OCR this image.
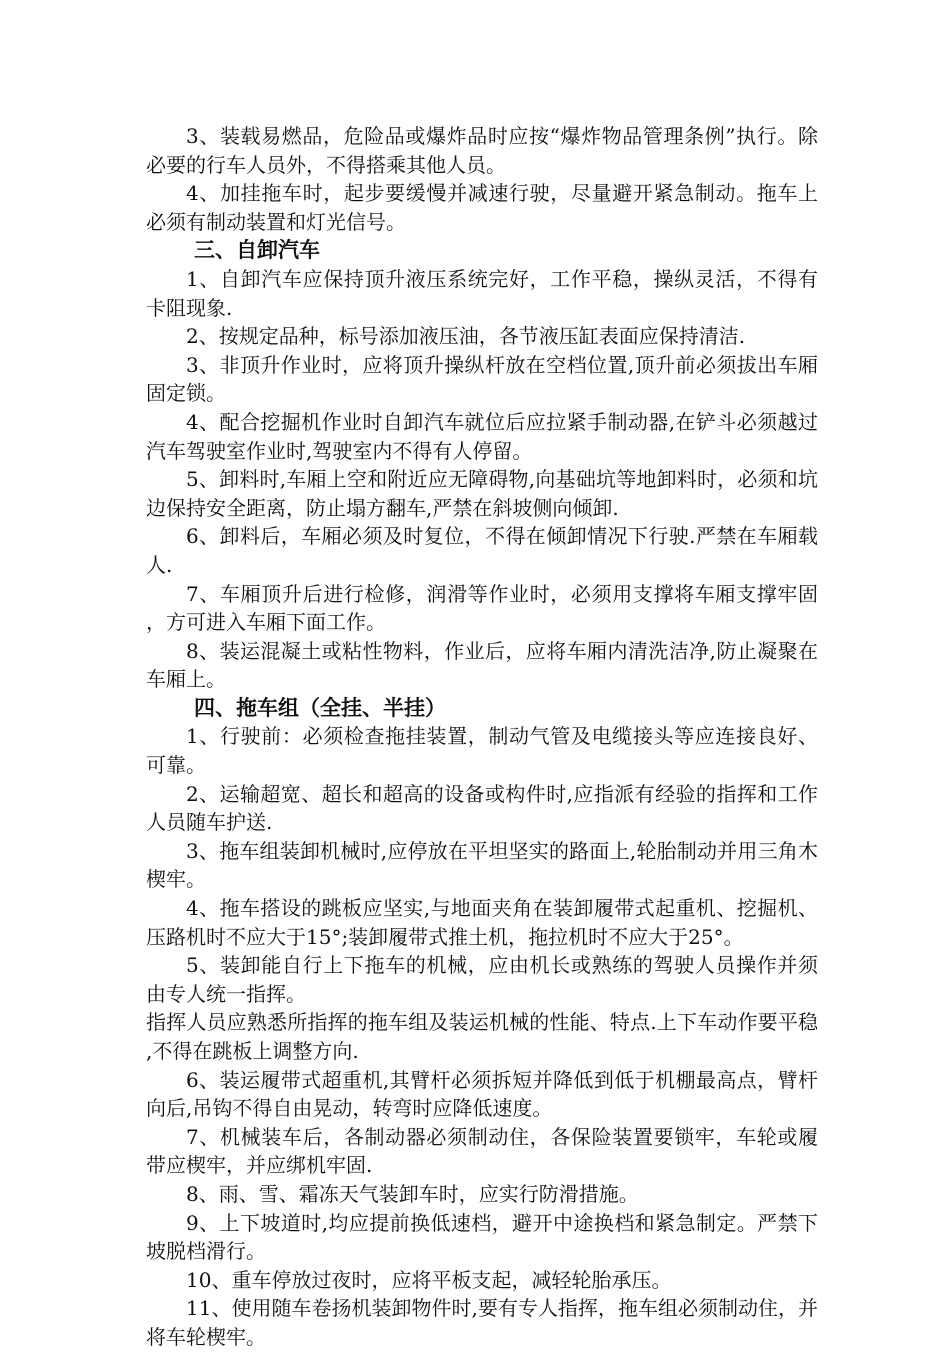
3、装载易燃品，危险品或爆炸品时应按“爆炸物品管理条例”执行。除必要的行车人员外，不得搭乘其他人员。

4、加挂拖车时，起步要缓慢并减速行驶，尽量避开紧急制动。拖车上必须有制动装置和灯光信号。

三、自卸汽车

1、自卸汽车应保持顶升液压系统完好，工作平稳，操纵灵活，不得有卡阻现象.

2、按规定品种，标号添加液压油，各节液压缸表面应保持清洁.

3、非顶升作业时，应将顶升操纵杆放在空档位置,顶升前必须拔出车厢固定锁。

4、配合挖掘机作业时自卸汽车就位后应拉紧手制动器,在铲斗必须越过汽车驾驶室作业时,驾驶室内不得有人停留。

5、卸料时,车厢上空和附近应无障碍物,向基础坑等地卸料时，必须和坑边保持安全距离，防止塌方翻车,严禁在斜坡侧向倾卸.

6、卸料后，车厢必须及时复位，不得在倾卸情况下行驶.严禁在车厢载人.

7、车厢顶升后进行检修，润滑等作业时，必须用支撑将车厢支撑牢固，方可进入车厢下面工作。

8、装运混凝土或粘性物料，作业后，应将车厢内清洗洁净,防止凝聚在车厢上。

四、拖车组（全挂、半挂）

1、行驶前：必须检查拖挂装置，制动气管及电缆接头等应连接良好、可靠。

2、运输超宽、超长和超高的设备或构件时,应指派有经验的指挥和工作人员随车护送.

3、拖车组装卸机械时,应停放在平坦坚实的路面上,轮胎制动并用三角木楔牢。

4、拖车搭设的跳板应坚实,与地面夹角在装卸履带式起重机、挖掘机、压路机时不应大于15°;装卸履带式推土机，拖拉机时不应大于25°。

5、装卸能自行上下拖车的机械，应由机长或熟练的驾驶人员操作并须由专人统一指挥。

指挥人员应熟悉所指挥的拖车组及装运机械的性能、特点.上下车动作要平稳,不得在跳板上调整方向.

6、装运履带式超重机,其臂杆必须拆短并降低到低于机棚最高点，臂杆向后,吊钩不得自由晃动，转弯时应降低速度。

7、机械装车后，各制动器必须制动住，各保险装置要锁牢，车轮或履带应楔牢，并应绑机牢固.

8、雨、雪、霜冻天气装卸车时，应实行防滑措施。

9、上下坡道时,均应提前换低速档，避开中途换档和紧急制定。严禁下坡脱档滑行。

10、重车停放过夜时，应将平板支起，减轻轮胎承压。

11、使用随车卷扬机装卸物件时,要有专人指挥，拖车组必须制动住，并将车轮楔牢。
